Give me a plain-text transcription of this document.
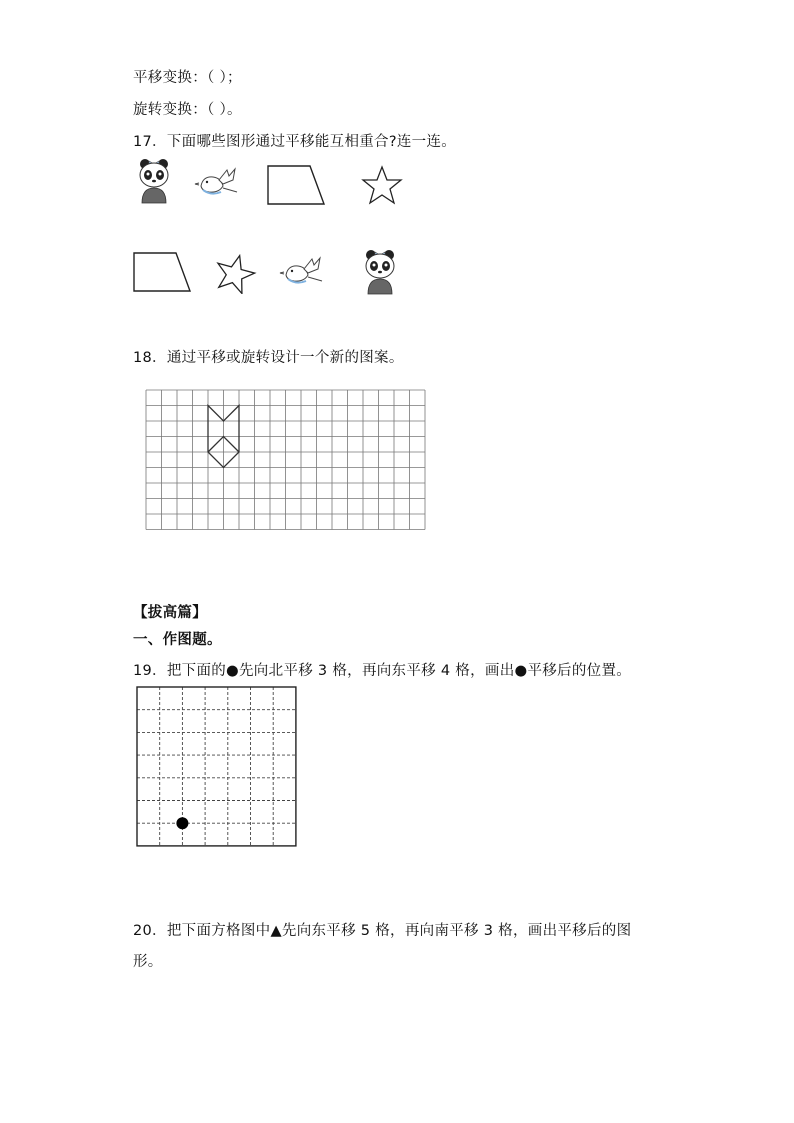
平移变换：（ ）；
旋转变换：（ ）。
17．下面哪些图形通过平移能互相重合?连一连。
18．通过平移或旋转设计一个新的图案。
【拔高篇】
一、作图题。
19．把下面的●先向北平移 3 格，再向东平移 4 格，画出●平移后的位置。
20．把下面方格图中▲先向东平移 5 格，再向南平移 3 格，画出平移后的图
形。
